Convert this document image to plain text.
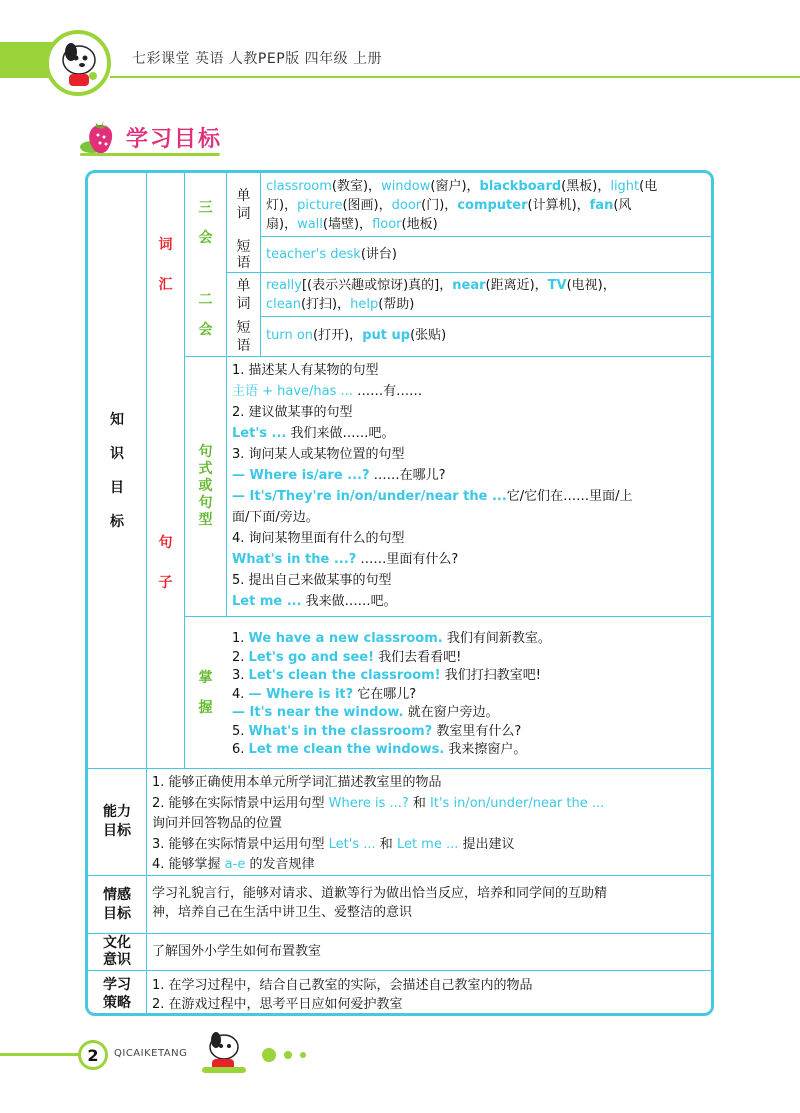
七彩课堂 英语 人教PEP版 四年级 上册
学习目标
知
识
目
标
词
汇
三
会
二
会
单
词
短
语
单
词
短
语
classroom(教室)，window(窗户)，blackboard(黑板)，light(电
灯)，picture(图画)，door(门)，computer(计算机)，fan(风
扇)，wall(墙壁)，floor(地板)
teacher's desk(讲台)
really[(表示兴趣或惊讶)真的]，near(距离近)，TV(电视)，
clean(打扫)，help(帮助)
turn on(打开)，put up(张贴)
句
子
句
式
或
句
型
掌
握
1. 描述某人有某物的句型
主语 + have/has ... ……有……
2. 建议做某事的句型
Let's ... 我们来做……吧。
3. 询问某人或某物位置的句型
— Where is/are ...? ……在哪儿?
— It's/They're in/on/under/near the ...它/它们在……里面/上
面/下面/旁边。
4. 询问某物里面有什么的句型
What's in the ...? ……里面有什么?
5. 提出自己来做某事的句型
Let me ... 我来做……吧。
1. We have a new classroom. 我们有间新教室。
2. Let's go and see! 我们去看看吧!
3. Let's clean the classroom! 我们打扫教室吧!
4. — Where is it? 它在哪儿?
— It's near the window. 就在窗户旁边。
5. What's in the classroom? 教室里有什么?
6. Let me clean the windows. 我来擦窗户。
能力
目标
1. 能够正确使用本单元所学词汇描述教室里的物品
2. 能够在实际情景中运用句型 Where is ...? 和 It's in/on/under/near the ...
询问并回答物品的位置
3. 能够在实际情景中运用句型 Let's ... 和 Let me ... 提出建议
4. 能够掌握 a-e 的发音规律
情感
目标
学习礼貌言行，能够对请求、道歉等行为做出恰当反应，培养和同学间的互助精
神，培养自己在生活中讲卫生、爱整洁的意识
文化
意识
了解国外小学生如何布置教室
学习
策略
1. 在学习过程中，结合自己教室的实际，会描述自己教室内的物品
2. 在游戏过程中，思考平日应如何爱护教室
2	QICAIKETANG
